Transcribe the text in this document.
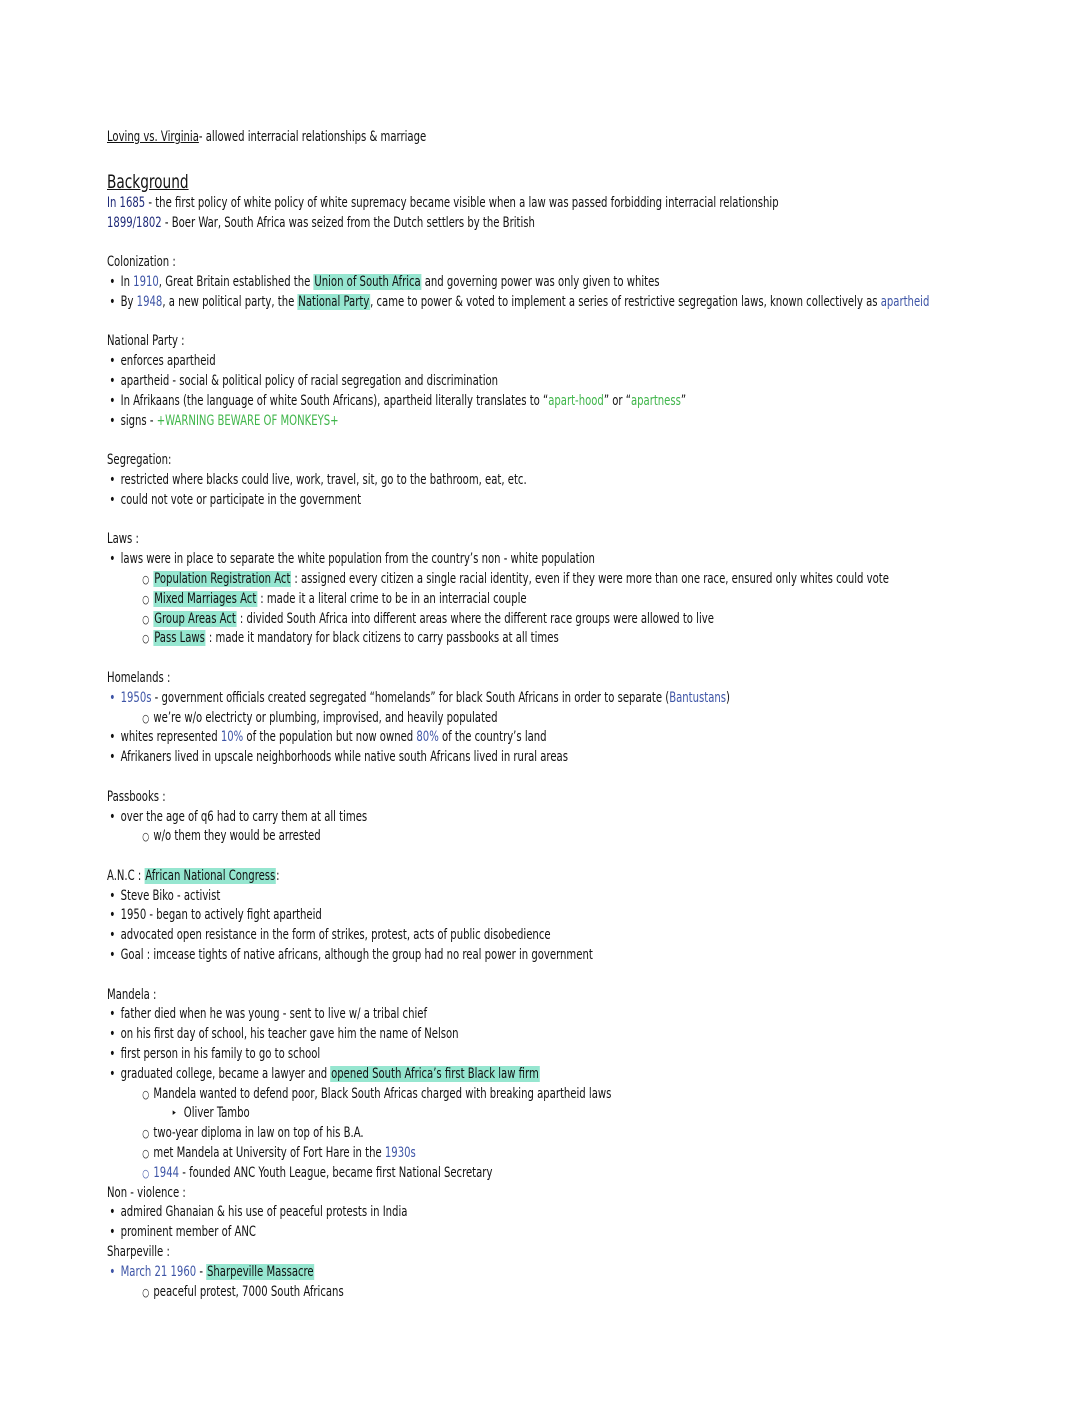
Loving vs. Virginia- allowed interracial relationships & marriage
Background
In 1685 - the first policy of white policy of white supremacy became visible when a law was passed forbidding interracial relationship
1899/1802 - Boer War, South Africa was seized from the Dutch settlers by the British
Colonization :
• In 1910, Great Britain established the Union of South Africa and governing power was only given to whites
• By 1948, a new political party, the National Party, came to power & voted to implement a series of restrictive segregation laws, known collectively as apartheid
National Party :
• enforces apartheid
• apartheid - social & political policy of racial segregation and discrimination
• In Afrikaans (the language of white South Africans), apartheid literally translates to “apart-hood” or “apartness”
• signs - +WARNING BEWARE OF MONKEYS+
Segregation:
• restricted where blacks could live, work, travel, sit, go to the bathroom, eat, etc.
• could not vote or participate in the government
Laws :
• laws were in place to separate the white population from the country’s non - white population
○ Population Registration Act : assigned every citizen a single racial identity, even if they were more than one race, ensured only whites could vote
○ Mixed Marriages Act : made it a literal crime to be in an interracial couple
○ Group Areas Act : divided South Africa into different areas where the different race groups were allowed to live
○ Pass Laws : made it mandatory for black citizens to carry passbooks at all times
Homelands :
• 1950s - government officials created segregated “homelands” for black South Africans in order to separate (Bantustans)
○ we’re w/o electricty or plumbing, improvised, and heavily populated
• whites represented 10% of the population but now owned 80% of the country’s land
• Afrikaners lived in upscale neighborhoods while native south Africans lived in rural areas
Passbooks :
• over the age of q6 had to carry them at all times
○ w/o them they would be arrested
A.N.C : African National Congress:
• Steve Biko - activist
• 1950 - began to actively fight apartheid
• advocated open resistance in the form of strikes, protest, acts of public disobedience
• Goal : imcease tights of native africans, although the group had no real power in government
Mandela :
• father died when he was young - sent to live w/ a tribal chief
• on his first day of school, his teacher gave him the name of Nelson
• first person in his family to go to school
• graduated college, became a lawyer and opened South Africa’s first Black law firm
○ Mandela wanted to defend poor, Black South Africas charged with breaking apartheid laws
▸ Oliver Tambo
○ two-year diploma in law on top of his B.A.
○ met Mandela at University of Fort Hare in the 1930s
○ 1944 - founded ANC Youth League, became first National Secretary
Non - violence :
• admired Ghanaian & his use of peaceful protests in India
• prominent member of ANC
Sharpeville :
• March 21 1960 - Sharpeville Massacre
○ peaceful protest, 7000 South Africans
